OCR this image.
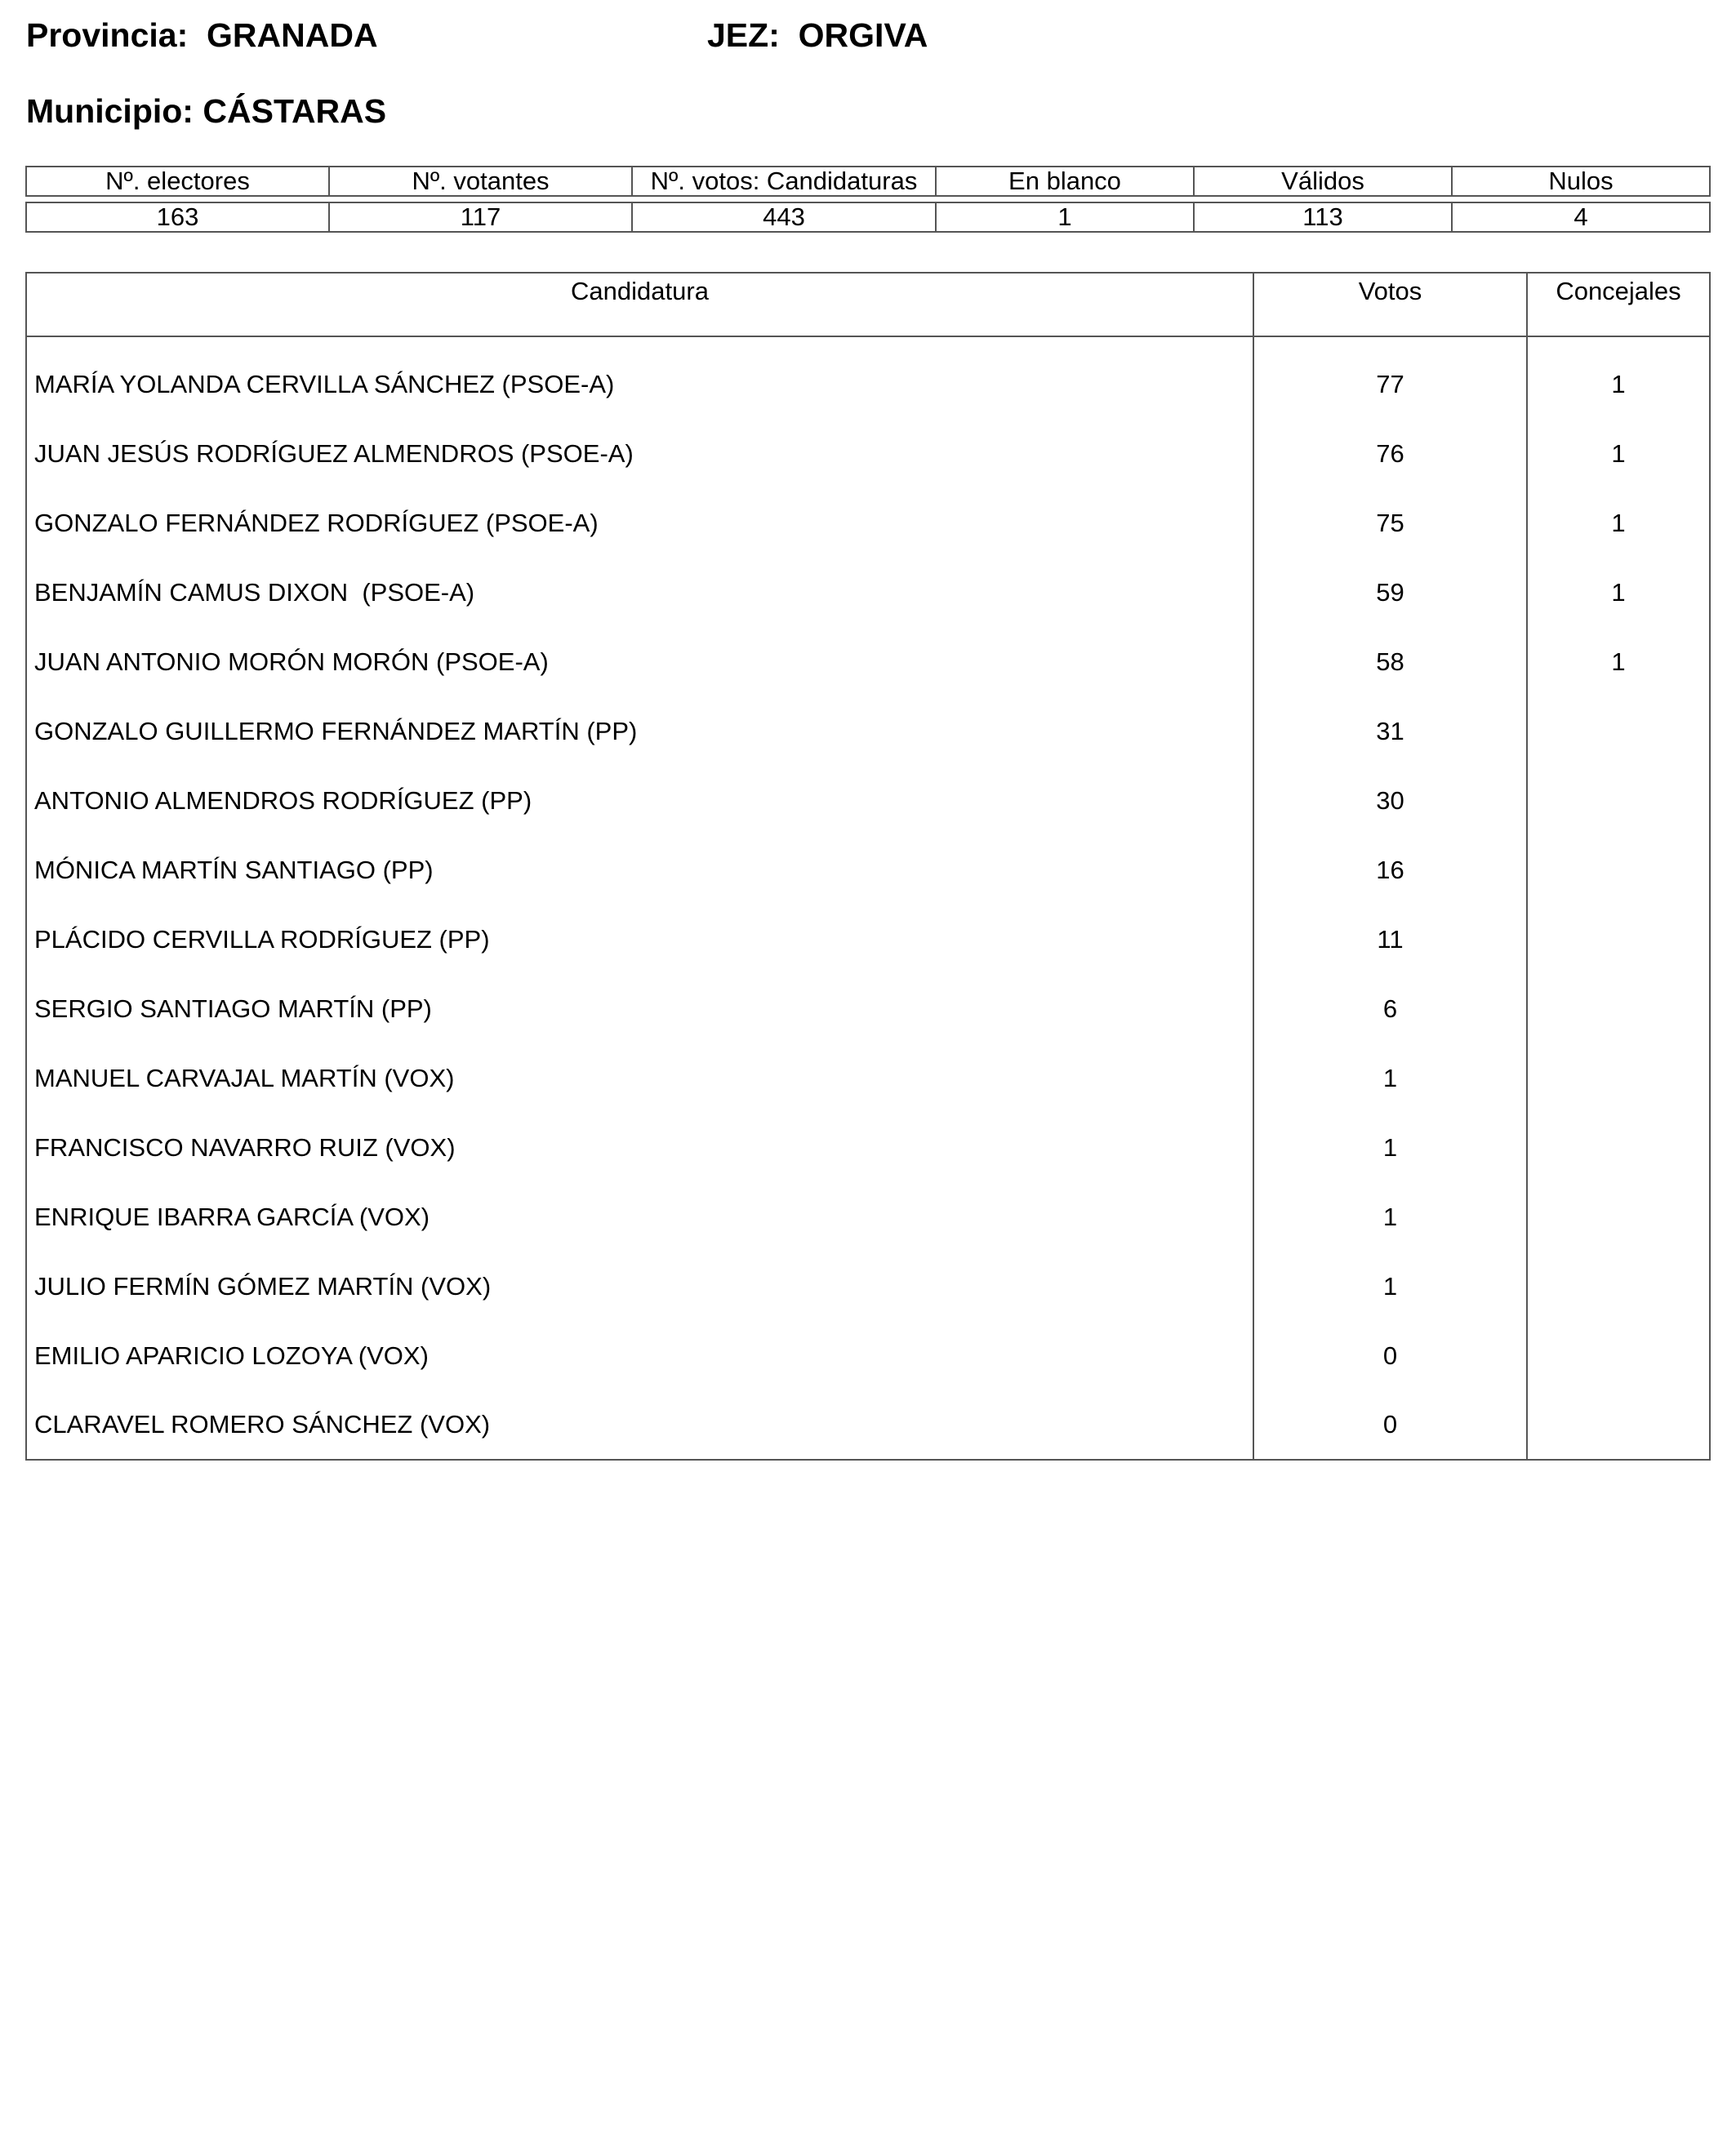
Provincia: GRANADA	JEZ: ORGIVA
Municipio: CÁSTARAS
Nº. electores	Nº. votantes	Nº. votos: Candidaturas	En blanco	Válidos	Nulos

163	117	443	1	113	4
Candidatura	Votos	Concejales
MARÍA YOLANDA CERVILLA SÁNCHEZ (PSOE-A)	77	1
JUAN JESÚS RODRÍGUEZ ALMENDROS (PSOE-A)	76	1
GONZALO FERNÁNDEZ RODRÍGUEZ (PSOE-A)	75	1
BENJAMÍN CAMUS DIXON  (PSOE-A)	59	1
JUAN ANTONIO MORÓN MORÓN (PSOE-A)	58	1
GONZALO GUILLERMO FERNÁNDEZ MARTÍN (PP)	31	
ANTONIO ALMENDROS RODRÍGUEZ (PP)	30	
MÓNICA MARTÍN SANTIAGO (PP)	16	
PLÁCIDO CERVILLA RODRÍGUEZ (PP)	11	
SERGIO SANTIAGO MARTÍN (PP)	6	
MANUEL CARVAJAL MARTÍN (VOX)	1	
FRANCISCO NAVARRO RUIZ (VOX)	1	
ENRIQUE IBARRA GARCÍA (VOX)	1	
JULIO FERMÍN GÓMEZ MARTÍN (VOX)	1	
EMILIO APARICIO LOZOYA (VOX)	0	
CLARAVEL ROMERO SÁNCHEZ (VOX)	0	
